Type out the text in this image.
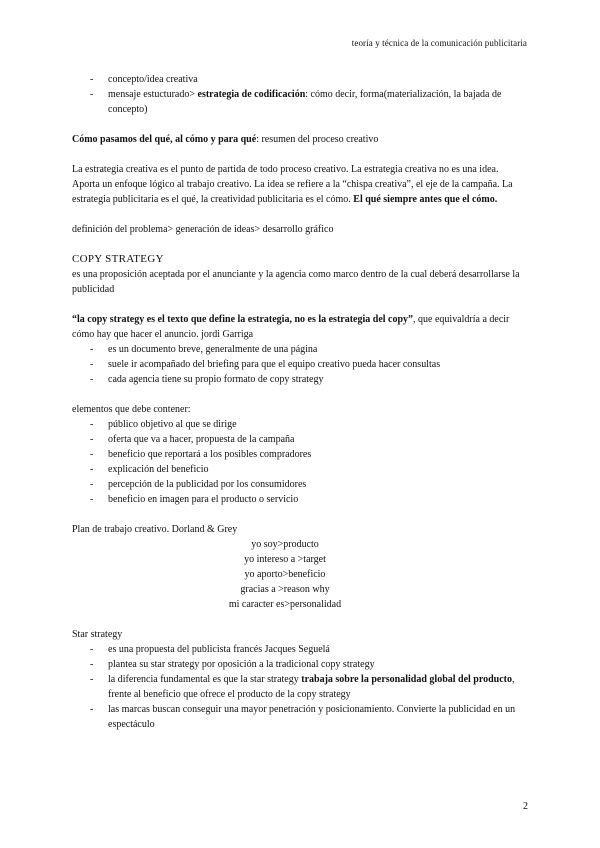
teoría y técnica de la comunicación publicitaria
- concepto/idea creativa
- mensaje estucturado> estrategia de codificación: cómo decir, forma(materialización, la bajada de concepto)

Cómo pasamos del qué, al cómo y para qué: resumen del proceso creativo

La estrategia creativa es el punto de partida de todo proceso creativo. La estrategia creativa no es una idea. Aporta un enfoque lógico al trabajo creativo. La idea se refiere a la “chispa creativa”, el eje de la campaña. La estrategia publicitaria es el qué, la creatividad publicitaria es el cómo. El qué siempre antes que el cómo.

definición del problema> generación de ideas> desarrollo gráfico

COPY STRATEGY

es una proposición aceptada por el anunciante y la agencia como marco dentro de la cual deberá desarrollarse la publicidad

“la copy strategy es el texto que define la estrategia, no es la estrategia del copy”, que equivaldría a decir cómo hay que hacer el anuncio. jordi Garriga

- es un documento breve, generalmente de una página
- suele ir acompañado del briefing para que el equipo creativo pueda hacer consultas
- cada agencia tiene su propio formato de copy strategy

elementos que debe contener:

- público objetivo al que se dirige
- oferta que va a hacer, propuesta de la campaña
- beneficio que reportará a los posibles compradores
- explicación del beneficio
- percepción de la publicidad por los consumidores
- beneficio en imagen para el producto o servicio

Plan de trabajo creativo. Dorland & Grey

yo soy>producto

yo intereso a >target

yo aporto>beneficio

gracias a >reason why

mi caracter es>personalidad

Star strategy

- es una propuesta del publicista francés Jacques Seguelá
- plantea su star strategy por oposición a la tradicional copy strategy
- la diferencia fundamental es que la star strategy trabaja sobre la personalidad global del producto, frente al beneficio que ofrece el producto de la copy strategy
- las marcas buscan conseguir una mayor penetración y posicionamiento. Convierte la publicidad en un espectáculo
2
